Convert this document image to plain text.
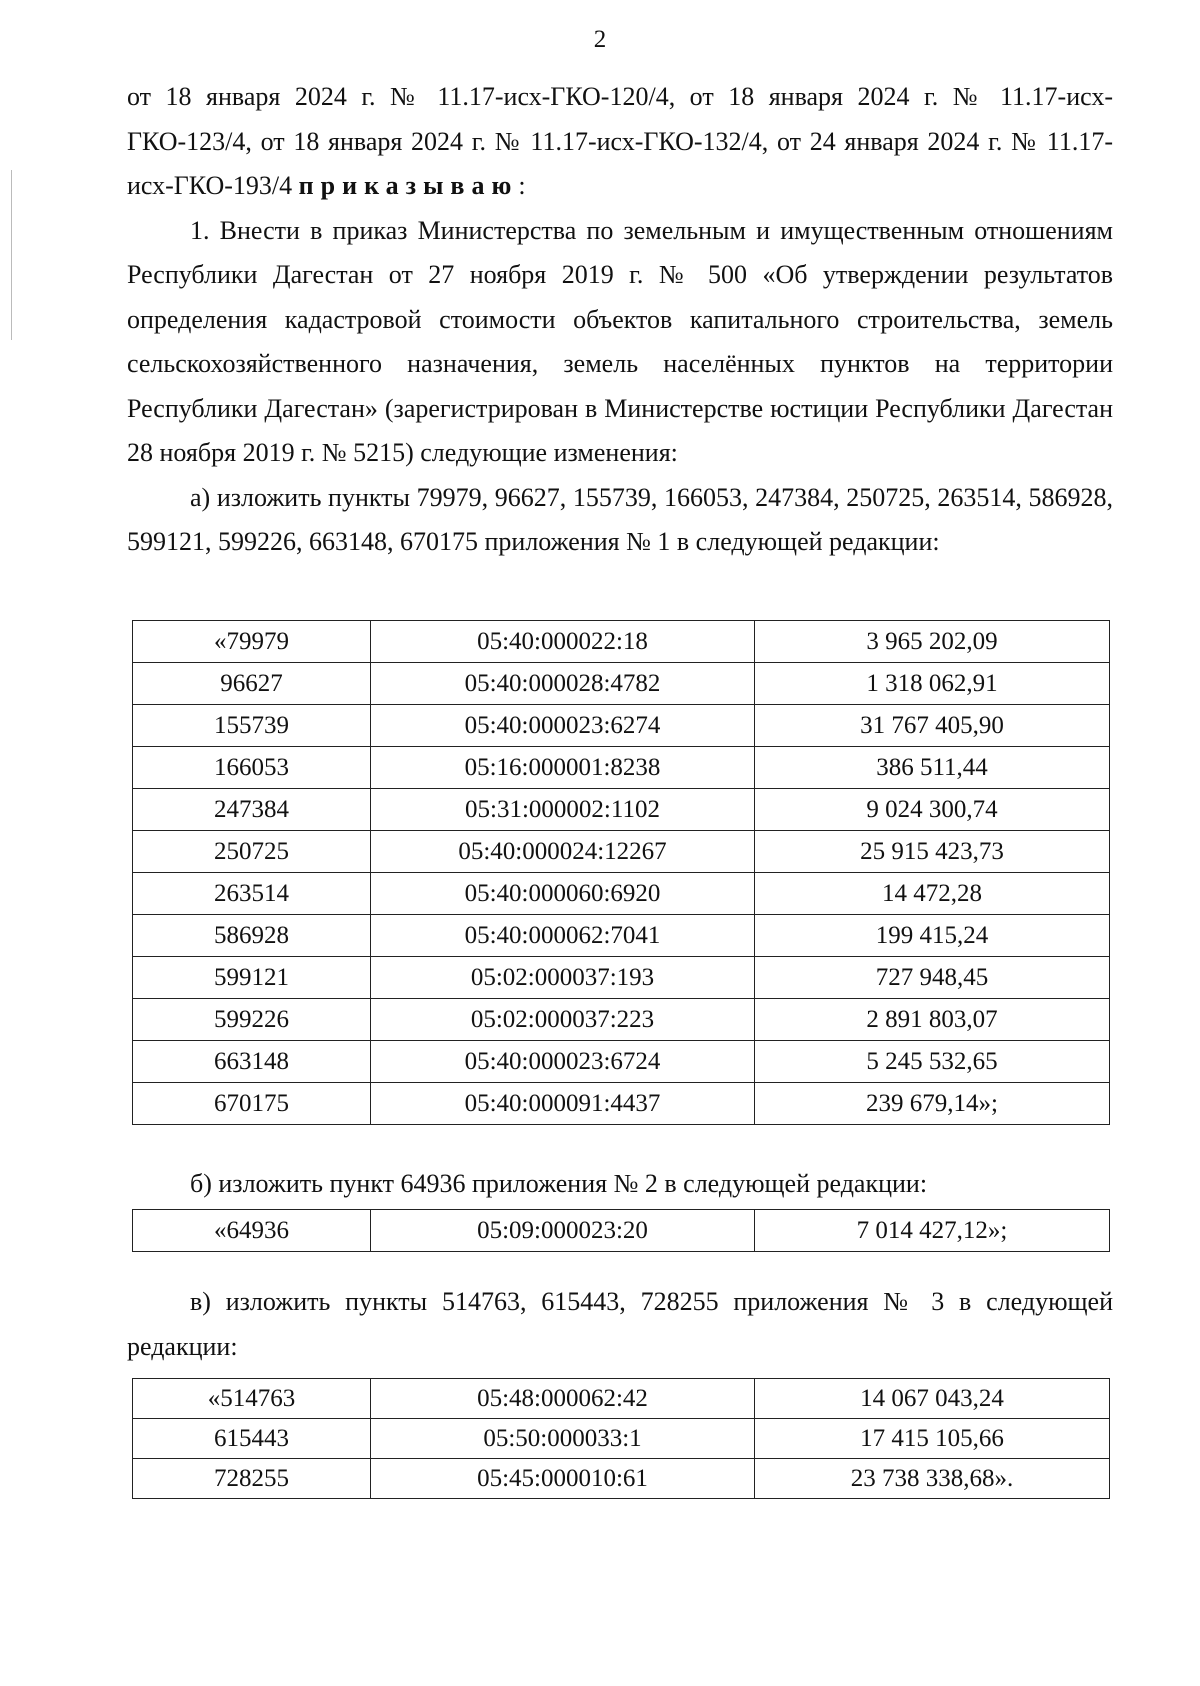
2

от 18 января 2024 г. № 11.17-исх-ГКО-120/4, от 18 января 2024 г. № 11.17-исх-ГКО-123/4, от 18 января 2024 г. № 11.17-исх-ГКО-132/4, от 24 января 2024 г. № 11.17-исх-ГКО-193/4 приказываю:

1. Внести в приказ Министерства по земельным и имущественным отношениям Республики Дагестан от 27 ноября 2019 г. № 500 «Об утверждении результатов определения кадастровой стоимости объектов капитального строительства, земель сельскохозяйственного назначения, земель населённых пунктов на территории Республики Дагестан» (зарегистрирован в Министерстве юстиции Республики Дагестан 28 ноября 2019 г. № 5215) следующие изменения:

а) изложить пункты 79979, 96627, 155739, 166053, 247384, 250725, 263514, 586928, 599121, 599226, 663148, 670175 приложения № 1 в следующей редакции:

«79979	05:40:000022:18	3 965 202,09
96627	05:40:000028:4782	1 318 062,91
155739	05:40:000023:6274	31 767 405,90
166053	05:16:000001:8238	386 511,44
247384	05:31:000002:1102	9 024 300,74
250725	05:40:000024:12267	25 915 423,73
263514	05:40:000060:6920	14 472,28
586928	05:40:000062:7041	199 415,24
599121	05:02:000037:193	727 948,45
599226	05:02:000037:223	2 891 803,07
663148	05:40:000023:6724	5 245 532,65
670175	05:40:000091:4437	239 679,14»;
б) изложить пункт 64936 приложения № 2 в следующей редакции:
«64936	05:09:000023:20	7 014 427,12»;
в) изложить пункты 514763, 615443, 728255 приложения № 3 в следующей редакции:
«514763	05:48:000062:42	14 067 043,24
615443	05:50:000033:1	17 415 105,66
728255	05:45:000010:61	23 738 338,68».
